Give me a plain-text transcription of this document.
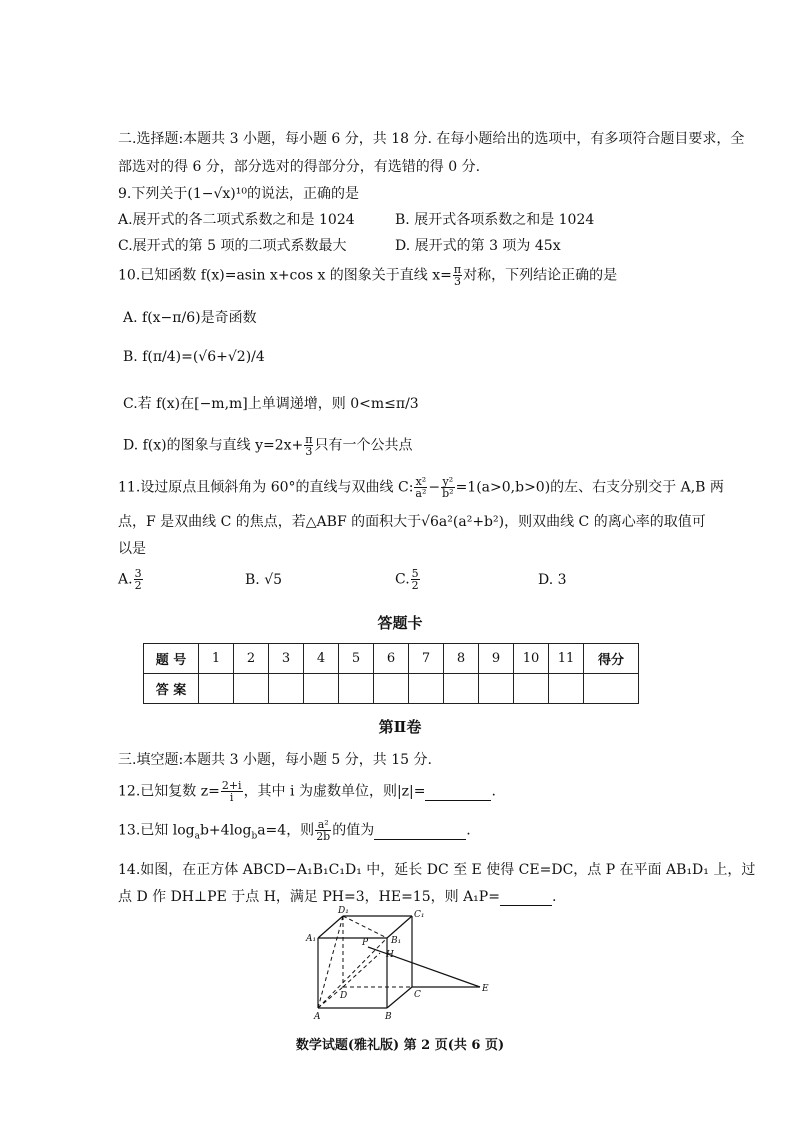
二.选择题:本题共 3 小题，每小题 6 分，共 18 分. 在每小题给出的选项中，有多项符合题目要求，全
部选对的得 6 分，部分选对的得部分分，有选错的得 0 分.
9.下列关于(1−√x)¹⁰的说法，正确的是
A.展开式的各二项式系数之和是 1024	B. 展开式各项系数之和是 1024
C.展开式的第 5 项的二项式系数最大	D. 展开式的第 3 项为 45x
10.已知函数 f(x)=asin x+cos x 的图象关于直线 $x= \frac{\pi}{3}$ 对称，下列结论正确的是
A. f(x−π/6)是奇函数
B. f(π/4)=(√6+√2)/4
C.若 f(x)在[−m,m]上单调递增，则 0<m≤π/3
D. f(x)的图象与直线 $y=2x+ \frac{\pi}{3}$ 只有一个公共点
11.设过原点且倾斜角为 60°的直线与双曲线 C: $\frac{\text{x²}}{\text{a²}} - \frac{\text{y²}}{\text{b²}} =1(a>0,b>0)$的左、右支分别交于 A,B 两
点，F 是双曲线 C 的焦点，若△ABF 的面积大于√6a²(a²+b²)，则双曲线 C 的离心率的取值可
以是
A. $\frac{3}{2}$	B. √5	C. $\frac{5}{2}$	D. 3
答题卡
题 号	1	2	3	4	5	6	7	8	9	10	11	得分
答 案												
第Ⅱ卷
三.填空题:本题共 3 小题，每小题 5 分，共 15 分.
12.已知复数 $z= \frac{2+i}{i}$ ，其中 i 为虚数单位，则|z|=	.
13.已知 $\log_ab+4\log_ba=4$，则 $\frac{\text{a²}}{2b}$ 的值为	.
14.如图，在正方体 ABCD−A₁B₁C₁D₁ 中，延长 DC 至 E 使得 CE=DC，点 P 在平面 AB₁D₁ 上，过
点 D 作 DH⊥PE 于点 H，满足 PH=3，HE=15，则 A₁P=	.
D₁	C₁
A₁	B₁
P
H
D	C
E
A	B
数学试题(雅礼版) 第 2 页(共 6 页)
